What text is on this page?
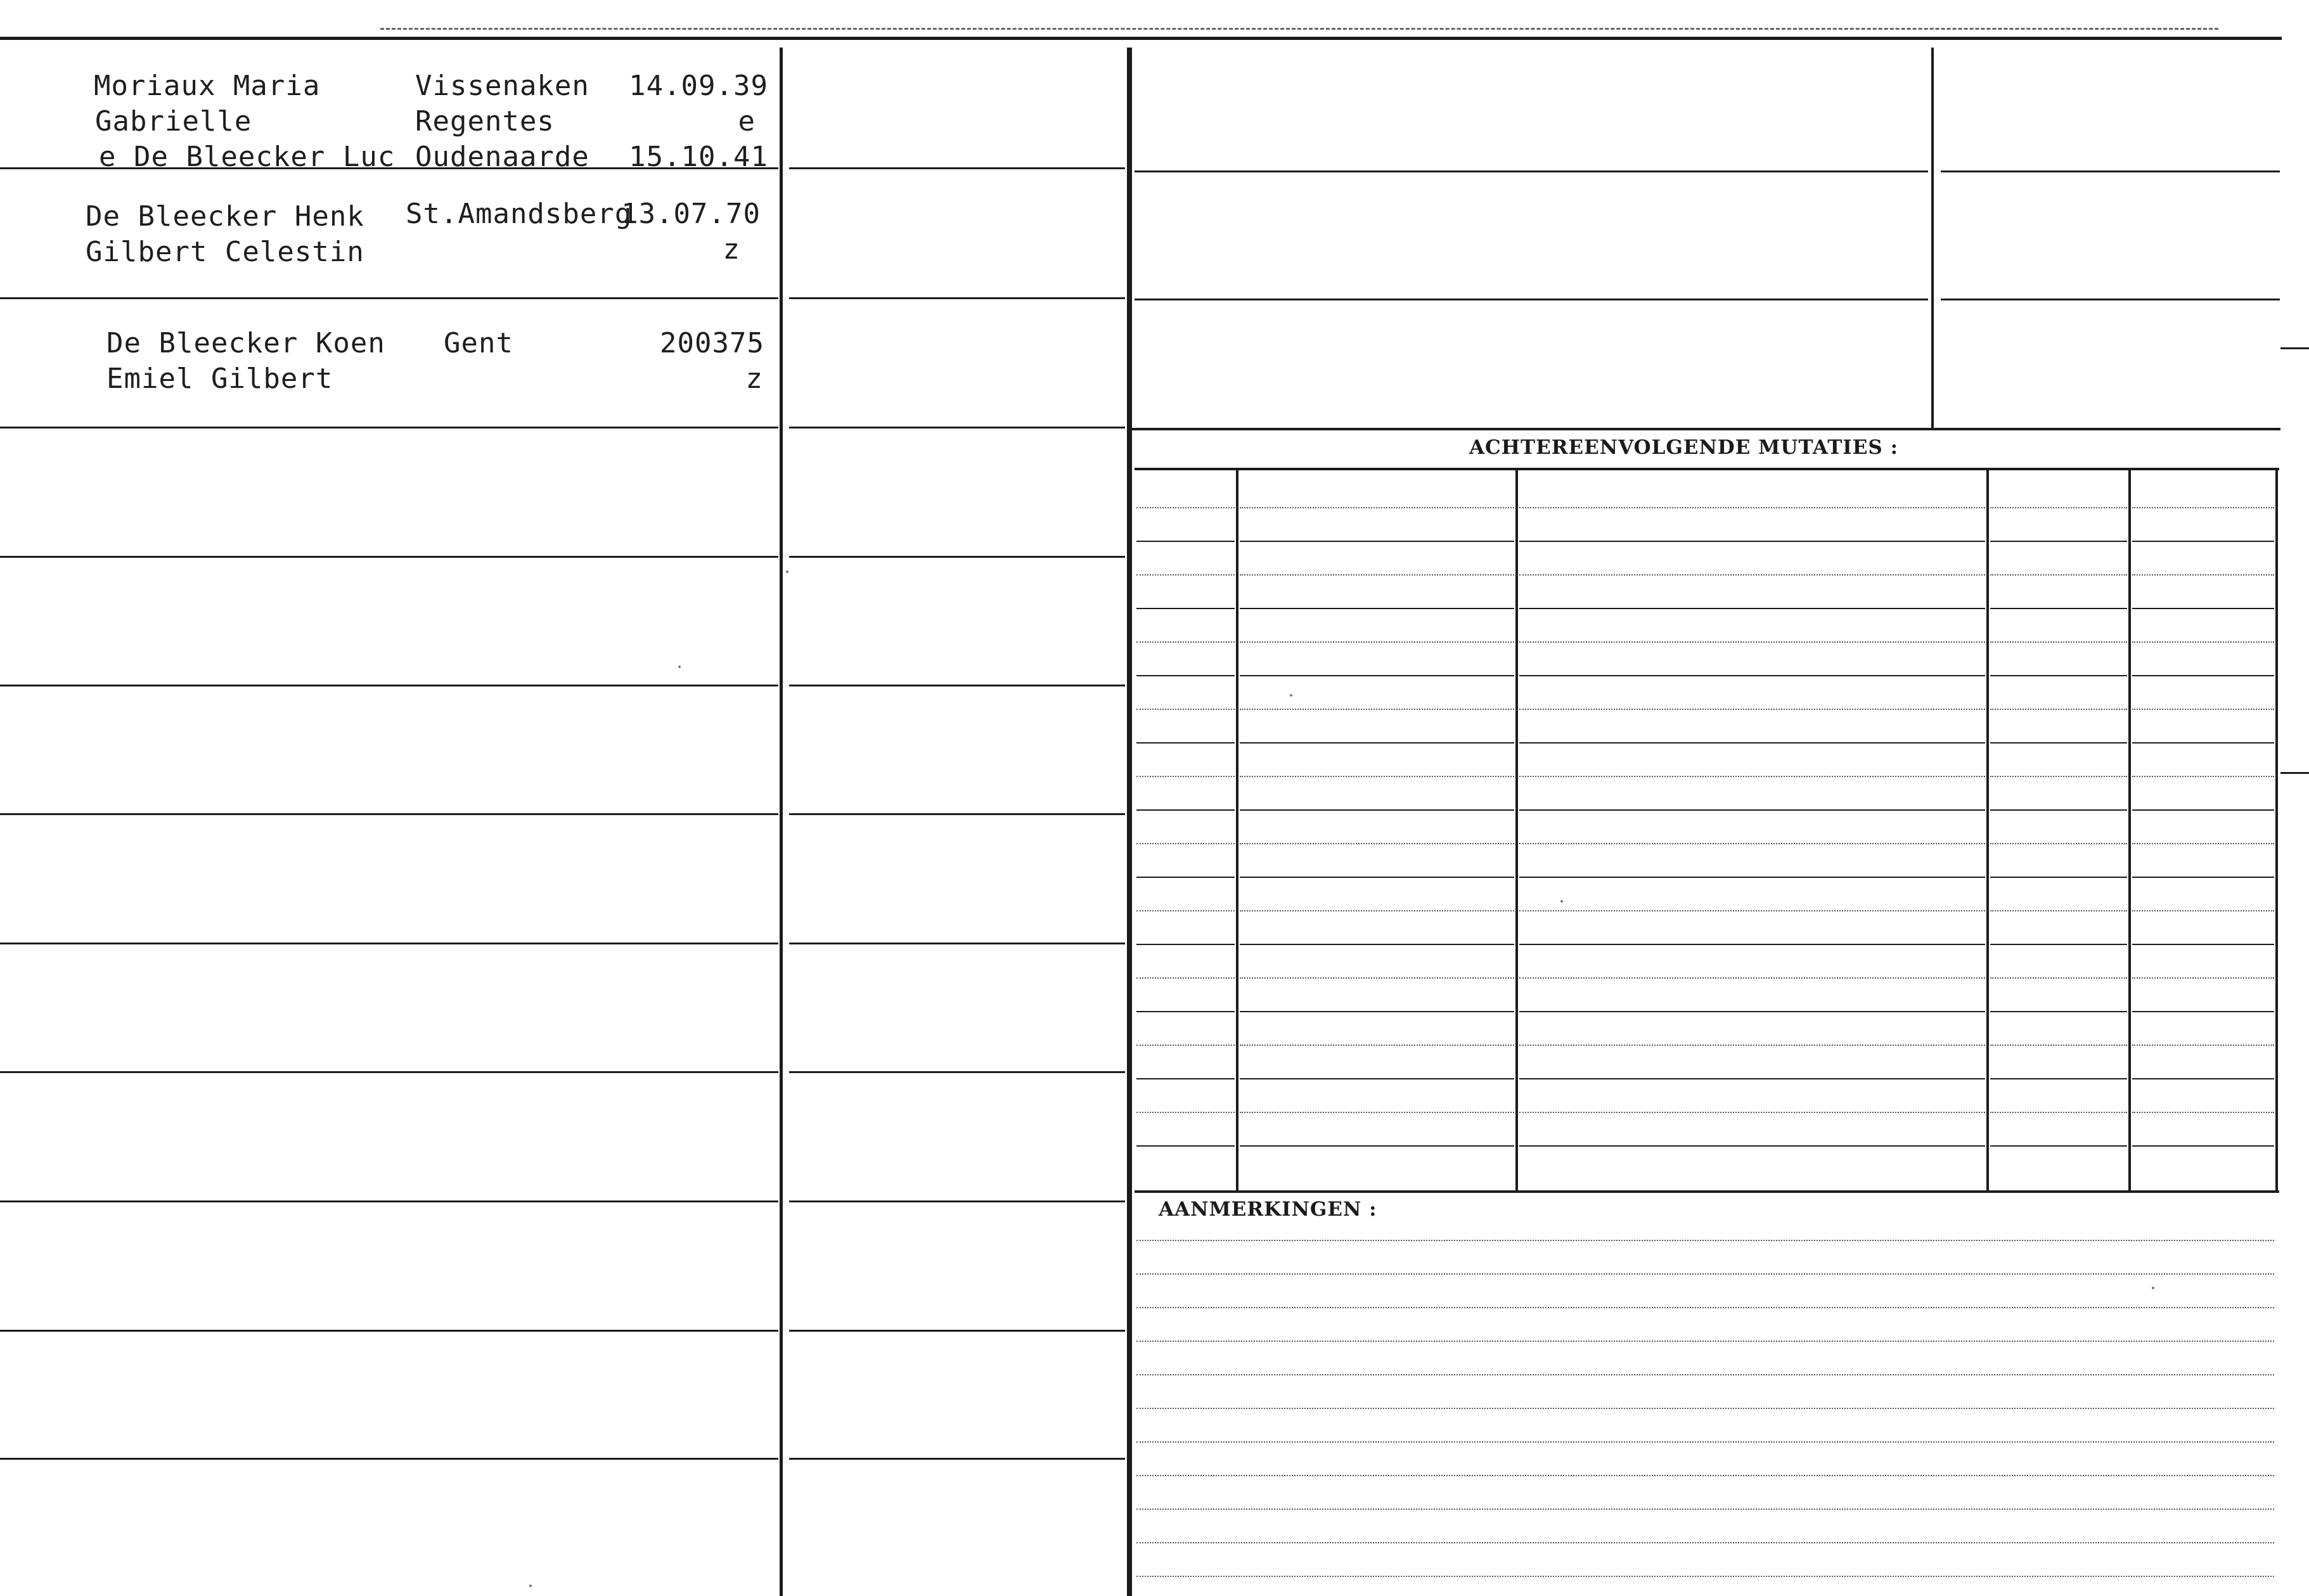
Moriaux Maria
Gabrielle
e De Bleecker Luc
Vissenaken
Regentes
Oudenaarde
14.09.39
e
15.10.41
De Bleecker Henk
Gilbert Celestin
St.Amandsberg
13.07.70
z
De Bleecker Koen
Emiel Gilbert
Gent	200375
z
ACHTEREENVOLGENDE MUTATIES :
AANMERKINGEN :
